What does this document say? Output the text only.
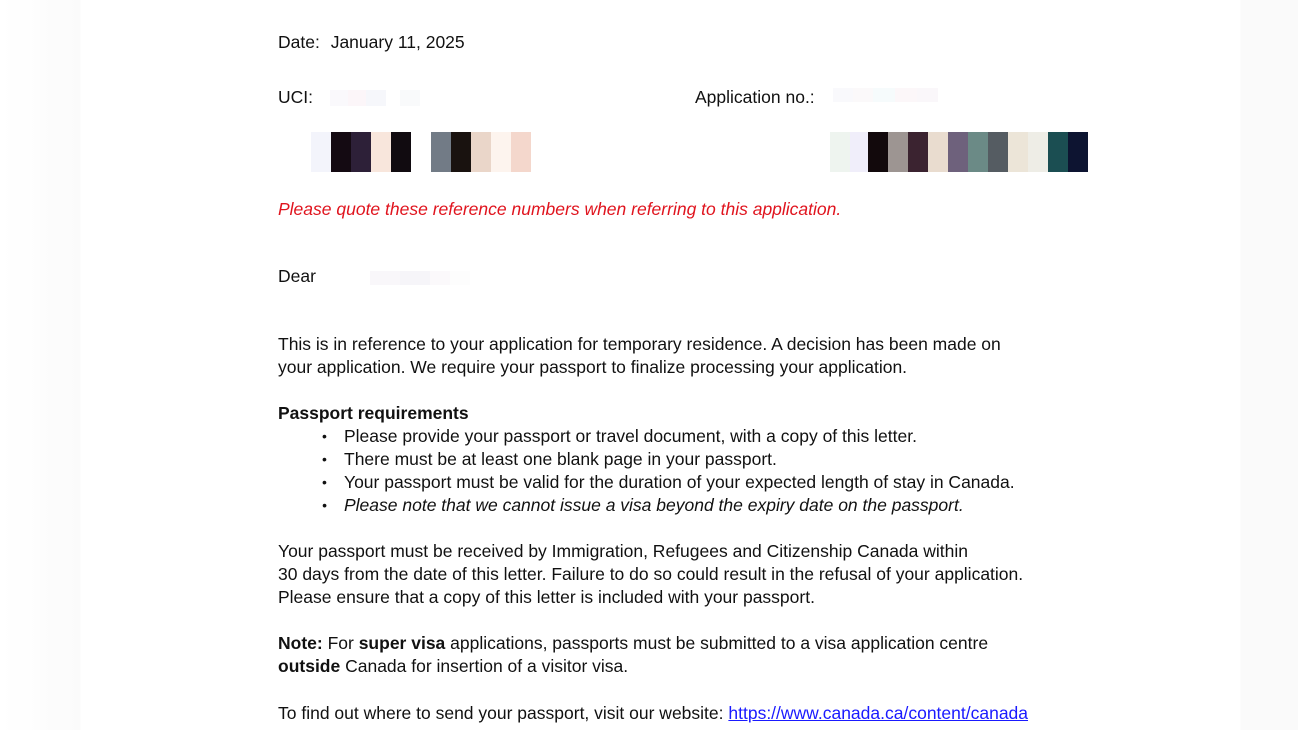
Date: January 11, 2025
UCI:	Application no.:
Please quote these reference numbers when referring to this application.
Dear
This is in reference to your application for temporary residence. A decision has been made on
your application. We require your passport to finalize processing your application.
Passport requirements
• Please provide your passport or travel document, with a copy of this letter.
• There must be at least one blank page in your passport.
• Your passport must be valid for the duration of your expected length of stay in Canada.
• Please note that we cannot issue a visa beyond the expiry date on the passport.
Your passport must be received by Immigration, Refugees and Citizenship Canada within
30 days from the date of this letter. Failure to do so could result in the refusal of your application.
Please ensure that a copy of this letter is included with your passport.
Note: For super visa applications, passports must be submitted to a visa application centre
outside Canada for insertion of a visitor visa.
To find out where to send your passport, visit our website: https://www.canada.ca/content/canada
